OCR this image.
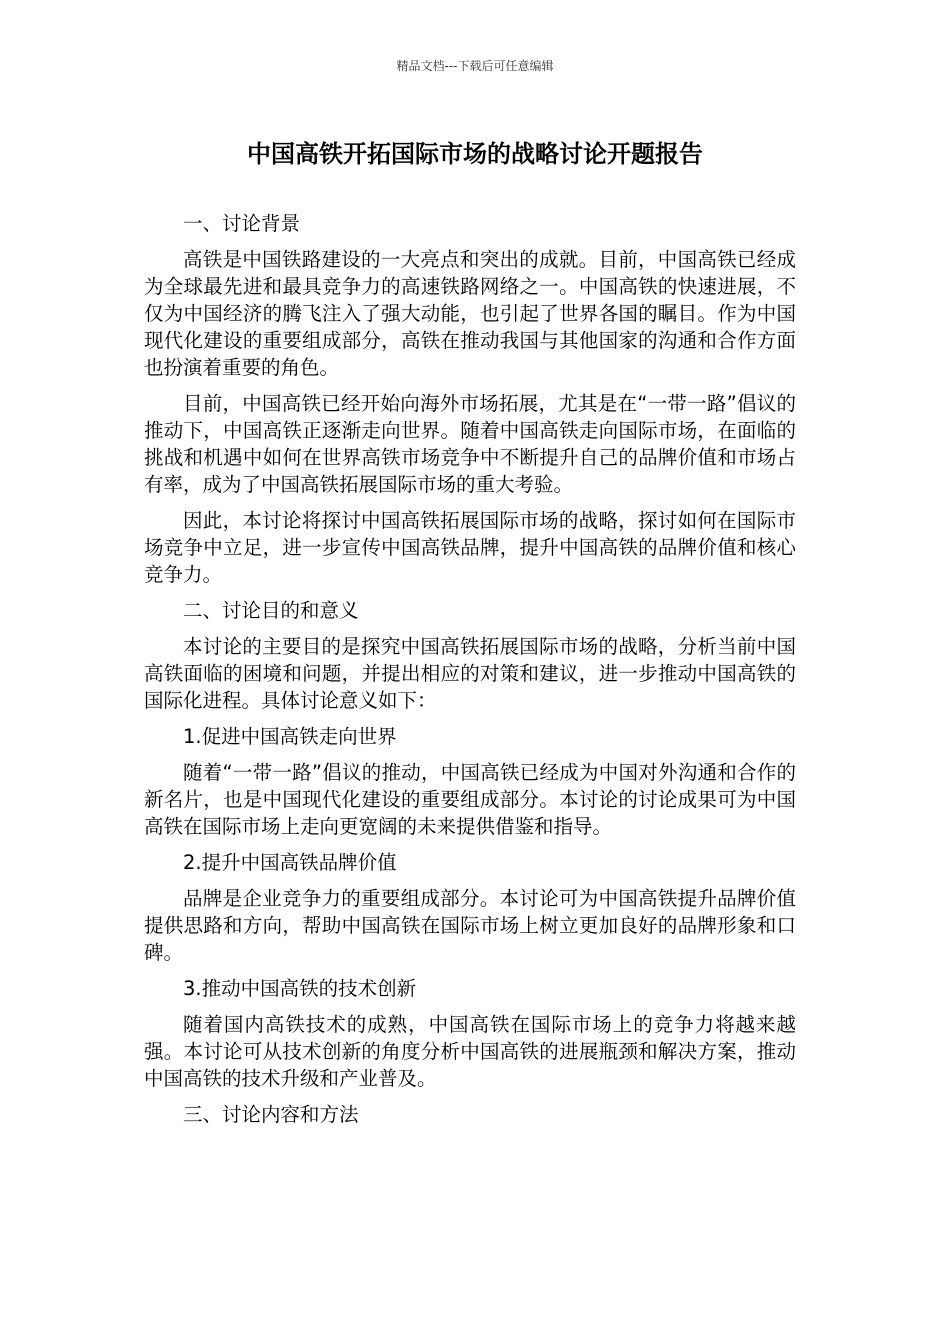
精品文档---下载后可任意编辑
中国高铁开拓国际市场的战略讨论开题报告

一、讨论背景

高铁是中国铁路建设的一大亮点和突出的成就。目前，中国高铁已经成为全球最先进和最具竞争力的高速铁路网络之一。中国高铁的快速进展，不仅为中国经济的腾飞注入了强大动能，也引起了世界各国的瞩目。作为中国现代化建设的重要组成部分，高铁在推动我国与其他国家的沟通和合作方面也扮演着重要的角色。

目前，中国高铁已经开始向海外市场拓展，尤其是在“一带一路”倡议的推动下，中国高铁正逐渐走向世界。随着中国高铁走向国际市场，在面临的挑战和机遇中如何在世界高铁市场竞争中不断提升自己的品牌价值和市场占有率，成为了中国高铁拓展国际市场的重大考验。

因此，本讨论将探讨中国高铁拓展国际市场的战略，探讨如何在国际市场竞争中立足，进一步宣传中国高铁品牌，提升中国高铁的品牌价值和核心竞争力。

二、讨论目的和意义

本讨论的主要目的是探究中国高铁拓展国际市场的战略，分析当前中国高铁面临的困境和问题，并提出相应的对策和建议，进一步推动中国高铁的国际化进程。具体讨论意义如下：

1.促进中国高铁走向世界

随着“一带一路”倡议的推动，中国高铁已经成为中国对外沟通和合作的新名片，也是中国现代化建设的重要组成部分。本讨论的讨论成果可为中国高铁在国际市场上走向更宽阔的未来提供借鉴和指导。

2.提升中国高铁品牌价值

品牌是企业竞争力的重要组成部分。本讨论可为中国高铁提升品牌价值提供思路和方向，帮助中国高铁在国际市场上树立更加良好的品牌形象和口碑。

3.推动中国高铁的技术创新

随着国内高铁技术的成熟，中国高铁在国际市场上的竞争力将越来越强。本讨论可从技术创新的角度分析中国高铁的进展瓶颈和解决方案，推动中国高铁的技术升级和产业普及。

三、讨论内容和方法
